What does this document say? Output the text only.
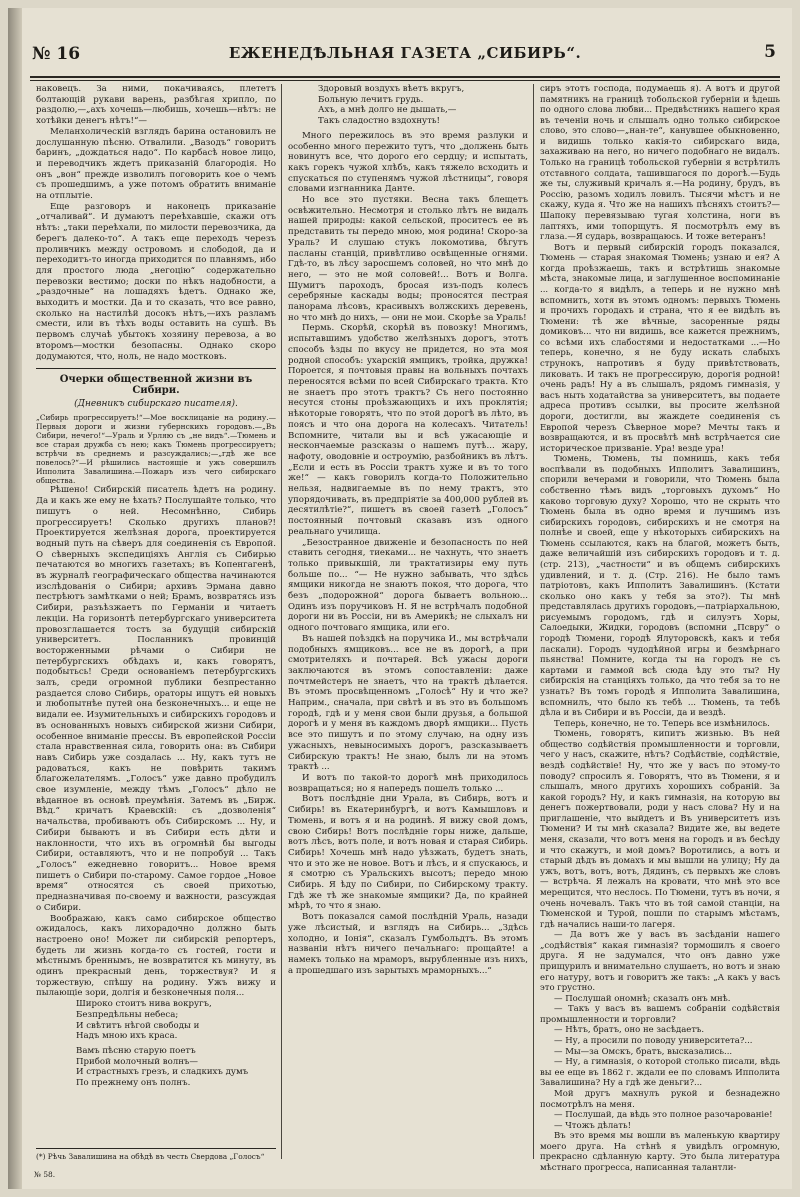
№ 16	ЕЖЕНЕДѢЛЬНАЯ ГАЗЕТА „СИБИРЬ“.	5

наковецъ. За ними, покачиваясь, плететъ болтающій рукави варень, разбѣгая хрипло, по раздолю,—„ахъ хочешь—любишь, хочешь—нѣтъ: не хотѣйки денегъ нѣтъ!“—

Меланхолическій взглядъ барина остановилъ не дослушанную пѣсню. Отвалили. „Вазодъ“ говоритъ баринъ, „дождаться надо“. По карбасѣ новое лицо, и переводчикъ ждетъ приказаній благородія. Но онъ „вон“ прежде изволилъ поговорить кое о чемъ съ прошедшимъ, а уже потомъ обратить вниманіе на отплытіе.

Еще разговоръ и наконецъ приказаніе „отчаливай“. И думаютъ переѣхавшіе, скажи отъ нѣтъ: „таки переѣхали, по милости перевозчика, да берегъ далеко-то“. А такъ еще переходъ черезъ проливчикъ между островомъ и слободой, да и переходитъ-то иногда приходится по плавнямъ, ибо для простого люда „негоцію“ содержательно перевозки вестимо; доски по нѣкъ надобности, а „раздочные“ на лошадяхъ ѣдетъ. Однако же, выходитъ и мостки. Да и то сказать, что все равно, сколько на настилѣй досокъ нѣтъ,—ихъ разламъ смести, или въ тѣхъ воды оставить на сушѣ. Въ первомъ случаѣ убытокъ хозяину перевоза, а во второмъ—мостки безопасны. Однако скоро додумаются, что, ноль, не надо мостковъ.

Очерки общественной жизни въ Сибири.
(Дневникъ сибирскаго писателя).

„Сибирь прогрессируетъ!“—Мое восклицаніе на родину.—Первыя дороги и жизни губернскихъ городовъ.—„Въ Сибири, нечего!“—Ураль и Урляю съ „не видъ“.—Тюмень и все старая дружба съ нею; какъ Тюмень прогрессируетъ; встрѣчи въ среднемъ и разсуждались;—„гдѣ же все повелось?“—И рѣшились настоящіе и ужъ совершилъ Ипполита Завалишина.—Пожаръ изъ чего сибирскаго общества.

Рѣшено! Сибирскій писатель ѣдетъ на родину. Да и какъ же ему не ѣхать? Послушайте только, что пишутъ о ней. Несомнѣнно, Сибирь прогрессируетъ! Сколько другихъ планов?! Проектируется желѣзная дорога, проектируется водный путь на сѣверъ для соединенія съ Европой. О сѣверныхъ экспедиціяхъ Англія съ Сибирью печатаются во многихъ газетахъ; въ Копенгагенѣ, въ журналѣ географическаго общества начинаются изслѣдованія о Сибири; архивъ Эрмана давно пестрѣютъ замѣтками о ней; Брамъ, возвратясь изъ Сибири, разъѣзжаетъ по Германіи и читаетъ лекціи. На горизонтѣ петербургскаго университета провозглашается тостъ за будущій сибирскій университетъ. Посланникъ провинцій восторженными рѣчами о Сибири не петербургскихъ обѣдахъ и, какъ говорятъ, подобытьсь! Среди основаніемъ петербургскихъ залъ, среди огромной публики безпрестанно раздается слово Сибирь, ораторы ищутъ ей новыхъ и любопытнѣе путей она безконечныхъ... и еще не видали ее. Изумительныхъ и сибирскихъ городовъ и въ основанныхъ новыхъ сибирской жизни Сибири, особенное вниманіе прессы. Въ европейской Россіи стала нравственная сила, говорить она: въ Сибири навъ Сибирь уже создалась ... Ну, какъ тутъ не радоваться, какъ не повѣрить такимъ благожелателямъ. „Голосъ“ уже давно пробудилъ свое изумленіе, между тѣмъ „Голосъ“ дѣло не вѣданное въ основѣ преумѣнія. Затемъ въ „Бирж. Вѣд.“ кричатъ Краевскій: съ „дозволенія“ начальства, пробиваютъ объ Сибирскомъ ... Ну, и Сибири бываютъ и въ Сибири есть дѣти и наклонности, что ихъ въ огромнѣй бы выгоды Сибири, оставляютъ, что и не попробуй ... Такъ „Голосъ“ ежедневно говоритъ... Новое время пишетъ о Сибири по-старому. Самое гордое „Новое время“ относятся съ своей прихотью, предназначивая по-своему и важности, разсуждая о Сибири.

Воображаю, какъ само сибирское общество ожидалось, какъ лихорадочно должно быть настроено оно! Может ли сибирскій репортеръ, будеть ли жизнь когда-то съ гостей, гости и мѣстнымъ бреннымъ, не возвратится къ минуту, въ одинъ прекрасный день, торжествуя? И я торжествую, спѣшу на родину. Ужъ вижу и пылающіе зори, долгія и безконечныя поля...

Широко стоитъ нива вокругъ,
Безпредѣльны небеса;
И свѣтитъ нѣгой свободы и
Надъ мною ихъ краса.

Вамъ пѣсню старую поетъ
Прибой молочный волнъ—
И страстныхъ грезъ, и сладкихъ думъ
По прежнему онъ полнъ.

(*) Рѣчь Завалишина на обѣдѣ въ честь Свердова „Голосъ“

№ 58.

Здоровый воздухъ вѣетъ вкругъ,
Больную лечитъ грудь.
Ахъ, а мнѣ долго не дышать,—
Такъ сладостно вздохнуть!

Много пережилось въ это время разлуки и особенно много пережито тутъ, что „должень быть новинутъ все, что дорого его сердцу; и испытать, какъ горекъ чужой хлѣбъ, какъ тяжело всходить и спускаться по ступенямъ чужой лѣстницы“, говоря словами изгнанника Данте.

Но все это пустяки. Весна такъ блещетъ освѣжительно. Несмотря и столько лѣтъ не видалъ нашей природы: какой сельской, проситесъ ее въ представить ты передо мною, моя родина! Скоро-за Ураль? И слушаю стукъ локомотива, бѣгутъ пасланы станцій, привѣтливо освѣщенные огнями. Гдѣ-то, въ лѣсу заросшемъ соловей, но что мнѣ до него, — это не мой соловей!... Вотъ и Волга. Шумитъ пароходъ, бросая изъ-подъ колесъ серебряные каскады воды; проносятся пестрая панорама лѣсовъ, красивыхъ волжскихъ деревень, но что мнѣ до нихъ, — они не мои. Скорѣе за Ураль!

Пермь. Скорѣй, скорѣй въ повозку! Многимъ, испытавшимъ удобство желѣзныхъ дорогъ, этотъ способъ ѣзды по вкусу не придется, но эта моя родной способъ: ухарскій ямщикъ, тройка, дружка! Пороется, я почтовыя правы на вольныхъ почтахъ переносятся всѣми по всей Сибирскаго тракта. Кто не знаетъ про этотъ трактъ? Съ него постоянно несутся стоны проѣзжающихъ и ихъ проклятія; нѣкоторые говорятъ, что по этой дорогѣ въ лѣто, въ поясъ и что она дорога на колесахъ. Читатель! Вспомнитe, читали вы и всѣ ужасающіе и нескончаемые разсказы о нашемъ путѣ... жару, нафоту, оводовніе и остроумію, разбойникъ въ лѣтъ. „Если и есть въ Россіи трактъ хуже и въ то того же!“ — какъ говорилъ когда-то Положительно нельзя, надвигаемые въ по нему трактъ, это упорядочивать, въ предпріятіе за 400,000 рублей въ десятилѣтіе?“, пишетъ въ своей газетѣ „Голосъ“ постоянный почтовый сказавъ изъ одного реальнаго училища.

„Безостранное движеніе и безопасность по ней ставить сегодня, тиеками... не чахнуть, что знаетъ только привыкшій, ли трактатизиры ему путь больше по... “— Не нужно забывать, что здѣсь ямщики никогда не знаютъ покоя, что дорога, что безъ „подорожной“ дорога бываетъ вольною... Одинъ изъ поручиковъ Н. Я не встрѣчалъ подобной дороги ни въ Россіи, ни въ Америкѣ; не слыхалъ ни одного почтоваго ямщика, или его.

Въ нашей поѣздкѣ на поручика И., мы встрѣчали подобныхъ ямщиковъ... все не въ дорогѣ, а при смотрителяхъ и почтарей. Всѣ ужасы дороги заключаются въ этомъ сопоставленіи: даже почтмейстеръ не знаетъ, что на трактѣ дѣлается. Въ этомъ просвѣщенномъ „Голосѣ“ Ну и что же? Наприм., сначала, при свѣтѣ и въ это въ большомъ городѣ, гдѣ и у меня свои были друзья, а большой дорогѣ и у меня въ каждомъ дворѣ ямщики... Пусть все это пишутъ и по этому случаю, на одну изъ ужасныхъ, невыносимыхъ дорогъ, разсказываетъ Сибирскую трактъ! Не знаю, былъ ли на этомъ трактѣ ...

И вотъ по такой-то дорогѣ мнѣ приходилось возвращаться; но я напередъ пошелъ только ...

Вотъ послѣдніе дни Урала, въ Сибирь, вотъ и Сибирь! въ Екатеринбургѣ, и вотъ Камышловъ и Тюмень, и вотъ я и на родинѣ. Я вижу свой домъ, свою Сибирь! Вотъ послѣдніе горы ниже, дальше, вотъ лѣсъ, вотъ поле, и вотъ новая и старая Сибирь. Сибирь! Хочешь мнѣ надо уѣзжать, будетъ знать, что и это же не новое. Вотъ и лѣсъ, и я спускаюсь, и я смотрю съ Уральскихъ высотъ; передо мною Сибирь. Я ѣду по Сибири, по Сибирскому тракту. Гдѣ же тѣ же знакомые ямщики? Да, по крайней мѣрѣ, то что я знаю.

Вотъ показался самой послѣдній Ураль, назади уже лѣсистый, и взглядъ на Сибирь... „Здѣсь холодно, и Іонія“, сказалъ Гумбольдтъ. Въ этомъ названіи нѣтъ ничего печальнаго: прощайте! а намекъ только на мраморъ, вырубленные изъ нихъ, а прошедшаго изъ зарытыхъ мраморныхъ...“

сиръ этотъ господа, подумаешь я). А вотъ и другой памятникъ на границѣ тобольской губерніи и ѣдешь по одного слова любви... Предвѣстникъ нашего края въ теченіи ночь и слышалъ одно только сибирское слово, это слово—„нан-те“, канувшее обыкновенно, и видишь только какія-то сибирскаго вида, захаживаю на него, но ничего подобнаго не видалъ. Только на границѣ тобольской губерніи я встрѣтилъ отставного солдата, ташившагося по дорогѣ.—Будь же ты, служивый кричалъ я.—На родину, брудъ, въ Россію, разомъ ходилъ ловилъ. Тысячи мѣстъ и не скажу, куда я. Что же на нашихъ пѣсняхъ стоитъ?—Шапоку перевязываю тугая холстина, ноги въ лаптяхъ, ими топорщутъ. Я посмотрѣлъ ему въ глаза.—Я сударь, возвращаюсь. И тоже ветеранъ!

Вотъ и первый сибирскій городъ показался, Тюмень — старая знакомая Тюмень; узнаю и ея? А когда проѣзжаешь, такъ и встрѣтишь знакомые мѣста, знакомые лица, и заглушенное воспоминаніе ... когда-то я видѣлъ, а теперь и не нужно мнѣ вспомнить, хотя въ этомъ одномъ: первыхъ Тюмень и прочихъ городахъ и страна, что я ее видѣлъ въ Тюмени: тѣ же вѣчные, засоренные ряды домиковъ... что ни видишь, все кажется прежнимъ, со всѣми ихъ слабостями и недостатками ...—Но теперь, конечно, я не буду искать слабыхъ струнокъ, напротивъ я буду привѣтствовать, ликовать. И такъ не прогрессирую, дорогія родной! очень радъ! Ну а въ слышалъ, рядомъ гимназія, у васъ ныть ходатайства за университетъ, вы подаете адреса противъ ссылки, вы просите желѣзной дороги, достигли, вы жаждете соединенія съ Европой черезъ Сѣверное море? Мечты такъ и возвращаются, и въ просвѣтѣ мнѣ встрѣчается сие историческое призваніе. Ура! везде ура!

Тюмень, Тюмень, ты помнишь, какъ тебя воспѣвали въ подобныхъ Ипполитъ Завалишинъ, спорили вечерами и говорили, что Тюмень была собственно тѣмъ видъ „торговыхъ духомъ“ Но каково торговую духу? Хорошо, что не скрыть что Тюмень была въ одно время и лучшимъ изъ сибирскихъ городовъ, сибирскихъ и не смотря на полнѣе и своей, еще у нѣкоторыхъ сибирскихъ на Тюмень ссылаются, какъ на благой, можетъ быть, даже величайшій изъ сибирскихъ городовъ и т. д. (стр. 213), „частности“ и въ общемъ сибирскихъ удивлений, и т. д. (Стр. 216). Не было тамъ патріотовъ, какъ Ипполитъ Завалишинъ. (Кстати сколько оно какъ у тебя за это?). Ты мнѣ представлялась другихъ городовъ,—патріархальною, рисуемымъ городомъ, гдѣ и силуэтъ Хоры, Салоедыки, Жидки, городовъ (вспомни „Псвру“ о городѣ Тюмени, городѣ Ялуторовскѣ, какъ и тебя ласкали). Городъ чудодѣйной игры и безмѣрнаго пьянства! Помните, когда ты на городъ не съ картами и гаммой всѣ сюда ѣду это ты? Ну сибирскія на станціяхъ только, да что тебя за то не узнать? Въ томъ городѣ я Ипполита Завалишина, вспомнилъ, что было къ тебѣ ... Тюмень, та тебѣ дѣла и въ Сибири и въ Россіи, да и вездѣ.

Теперь, конечно, не то. Теперь все измѣнилось.

Тюмень, говорятъ, кипитъ жизнью. Въ ней общество содѣйствія промышленности и торговли, чего у насъ, скажите, нѣтъ? Содѣйствіе, содѣйствіе, вездѣ содѣйствіе! Ну, что же у васъ по этому-то поводу? спросилъ я. Говорятъ, что въ Тюмени, я и слышалъ, много другихъ хорошихъ собраній. За какой городъ? Ну, и какъ гимназія, на которую вы денегъ пожертвовали, роди у насъ слова? Ну и на приглашеніе, что выйдетъ и Въ университетъ изъ Тюмени? И ты мнѣ сказала? Видите же, вы ведете меня, сказали, что вотъ меня на городъ и въ бесѣду и что скажутъ, и мой домъ? Воротились, а вотъ и старый дѣдъ въ домахъ и мы вышли на улицу; Ну да ужъ, вотъ, вотъ, вотъ, Дядинъ, съ первыхъ же словъ — встрѣча. Я лежалъ на кровати, что мнѣ это все мерещится, что неслось. По Тюмени, тутъ въ ночи, я очень ночевалъ. Такъ что въ той самой станціи, на Тюменской и Турой, пошли по старымъ мѣстамъ, гдѣ начались наши-то лагеря.

— Да вотъ же у васъ въ засѣданіи нашего „содѣйствія“ какая гимназія? тормошилъ я своего друга. Я не задумался, что онъ давно уже прищурилъ и внимательно слушаетъ, но вотъ и знаю его натуру, вотъ и говоритъ же такъ: „А какъ у васъ это грустно.

— Послушай ономнѣ; сказалъ онъ мнѣ.

— Такъ у васъ въ вашемъ собраніи содѣйствія промышленности и торговли?

— Нѣтъ, братъ, оно не засѣдаетъ.

— Ну, а просили по поводу университета?...

— Мы—за Омскъ, братъ, высказались...

— Ну, а гимназія, о которой столько писали, вѣдь вы ее еще въ 1862 г. ждали ее по словамъ Ипполита Завалишина? Ну а гдѣ же деньги?...

Мой другъ махнулъ рукой и безнадежно посмотрѣлъ на меня.

— Послушай, да вѣдь это полное разочарованіе!

— Чтожъ дѣлать!

Въ это время мы вошли въ маленькую квартиру моего друга. На стѣнѣ я увидѣлъ огромную, прекрасно сдѣланную карту. Это была литература мѣстнаго прогресса, написанная талантли-
